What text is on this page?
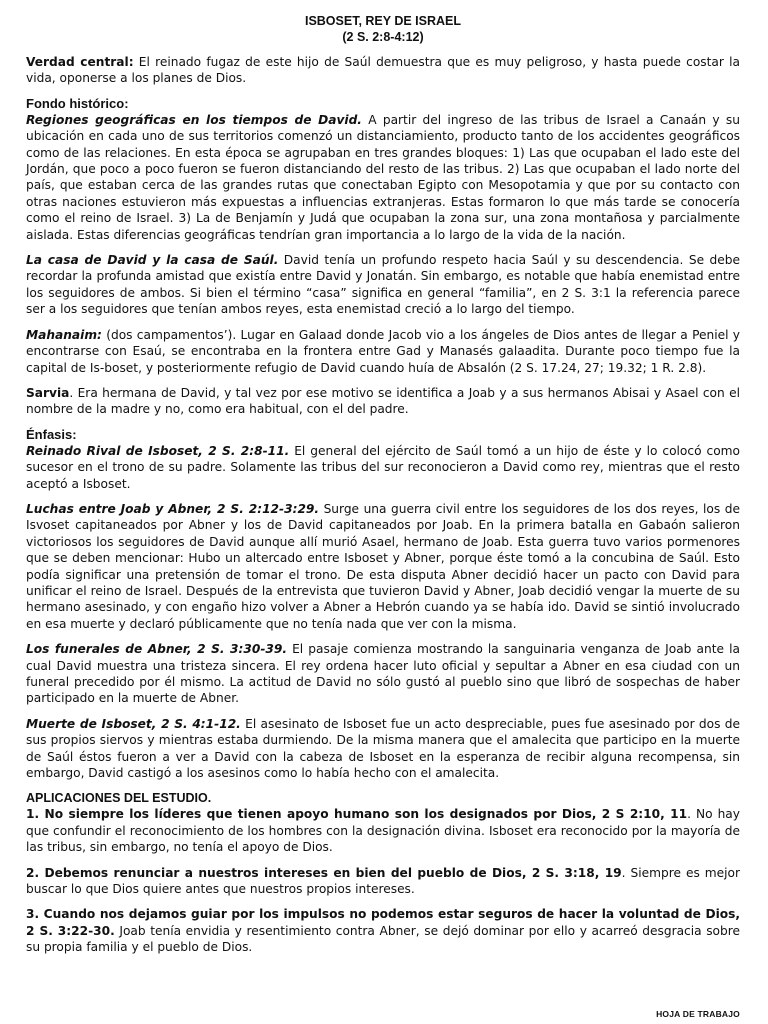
ISBOSET, REY DE ISRAEL
(2 S. 2:8-4:12)

Verdad central: El reinado fugaz de este hijo de Saúl demuestra que es muy peligroso, y hasta puede costar la vida, oponerse a los planes de Dios.

Fondo histórico:

Regiones geográficas en los tiempos de David. A partir del ingreso de las tribus de Israel a Canaán y su ubicación en cada uno de sus territorios comenzó un distanciamiento, producto tanto de los accidentes geográficos como de las relaciones. En esta época se agrupaban en tres grandes bloques: 1) Las que ocupaban el lado este del Jordán, que poco a poco fueron se fueron distanciando del resto de las tribus. 2) Las que ocupaban el lado norte del país, que estaban cerca de las grandes rutas que conectaban Egipto con Mesopotamia y que por su contacto con otras naciones estuvieron más expuestas a influencias extranjeras. Estas formaron lo que más tarde se conocería como el reino de Israel. 3) La de Benjamín y Judá que ocupaban la zona sur, una zona montañosa y parcialmente aislada. Estas diferencias geográficas tendrían gran importancia a lo largo de la vida de la nación.

La casa de David y la casa de Saúl. David tenía un profundo respeto hacia Saúl y su descendencia. Se debe recordar la profunda amistad que existía entre David y Jonatán. Sin embargo, es notable que había enemistad entre los seguidores de ambos. Si bien el término “casa” significa en general “familia”, en 2 S. 3:1 la referencia parece ser a los seguidores que tenían ambos reyes, esta enemistad creció a lo largo del tiempo.

Mahanaim: (dos campamentos’). Lugar en Galaad donde Jacob vio a los ángeles de Dios antes de llegar a Peniel y encontrarse con Esaú, se encontraba en la frontera entre Gad y Manasés galaadita. Durante poco tiempo fue la capital de Is-boset, y posteriormente refugio de David cuando huía de Absalón (2 S. 17.24, 27; 19.32; 1 R. 2.8).

Sarvia. Era hermana de David, y tal vez por ese motivo se identifica a Joab y a sus hermanos Abisai y Asael con el nombre de la madre y no, como era habitual, con el del padre.

Énfasis:

Reinado Rival de Isboset, 2 S. 2:8-11. El general del ejército de Saúl tomó a un hijo de éste y lo colocó como sucesor en el trono de su padre. Solamente las tribus del sur reconocieron a David como rey, mientras que el resto aceptó a Isboset.

Luchas entre Joab y Abner, 2 S. 2:12-3:29. Surge una guerra civil entre los seguidores de los dos reyes, los de Isvoset capitaneados por Abner y los de David capitaneados por Joab. En la primera batalla en Gabaón salieron victoriosos los seguidores de David aunque allí murió Asael, hermano de Joab. Esta guerra tuvo varios pormenores que se deben mencionar: Hubo un altercado entre Isboset y Abner, porque éste tomó a la concubina de Saúl. Esto podía significar una pretensión de tomar el trono. De esta disputa Abner decidió hacer un pacto con David para unificar el reino de Israel. Después de la entrevista que tuvieron David y Abner, Joab decidió vengar la muerte de su hermano asesinado, y con engaño hizo volver a Abner a Hebrón cuando ya se había ido. David se sintió involucrado en esa muerte y declaró públicamente que no tenía nada que ver con la misma.

Los funerales de Abner, 2 S. 3:30-39. El pasaje comienza mostrando la sanguinaria venganza de Joab ante la cual David muestra una tristeza sincera. El rey ordena hacer luto oficial y sepultar a Abner en esa ciudad con un funeral precedido por él mismo. La actitud de David no sólo gustó al pueblo sino que libró de sospechas de haber participado en la muerte de Abner.

Muerte de Isboset, 2 S. 4:1-12. El asesinato de Isboset fue un acto despreciable, pues fue asesinado por dos de sus propios siervos y mientras estaba durmiendo. De la misma manera que el amalecita que participo en la muerte de Saúl éstos fueron a ver a David con la cabeza de Isboset en la esperanza de recibir alguna recompensa, sin embargo, David castigó a los asesinos como lo había hecho con el amalecita.

APLICACIONES DEL ESTUDIO.

1. No siempre los líderes que tienen apoyo humano son los designados por Dios, 2 S 2:10, 11. No hay que confundir el reconocimiento de los hombres con la designación divina. Isboset era reconocido por la mayoría de las tribus, sin embargo, no tenía el apoyo de Dios.

2. Debemos renunciar a nuestros intereses en bien del pueblo de Dios, 2 S. 3:18, 19. Siempre es mejor buscar lo que Dios quiere antes que nuestros propios intereses.

3. Cuando nos dejamos guiar por los impulsos no podemos estar seguros de hacer la voluntad de Dios, 2 S. 3:22-30. Joab tenía envidia y resentimiento contra Abner, se dejó dominar por ello y acarreó desgracia sobre su propia familia y el pueblo de Dios.

HOJA DE TRABAJO
